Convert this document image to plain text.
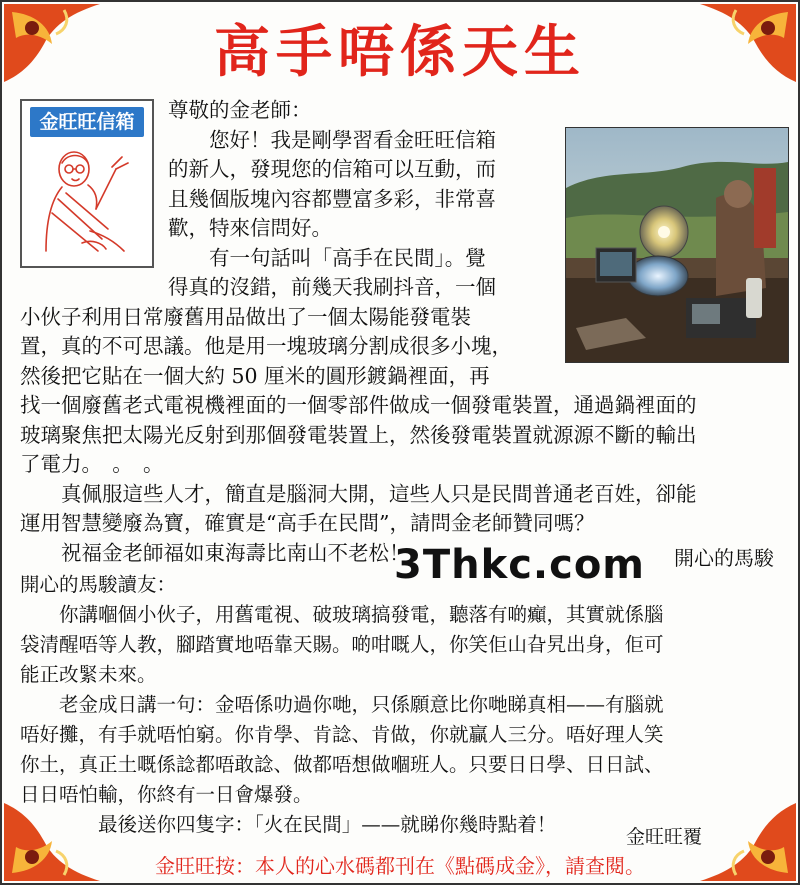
高手唔係天生
金旺旺信箱	尊敬的金老師：
　　您好！我是剛學習看金旺旺信箱
的新人，發現您的信箱可以互動，而
且幾個版塊內容都豐富多彩，非常喜
歡，特來信問好。
　　有一句話叫「高手在民間」。覺
得真的沒錯，前幾天我刷抖音，一個
小伙子利用日常廢舊用品做出了一個太陽能發電裝
置，真的不可思議。他是用一塊玻璃分割成很多小塊，
然後把它貼在一個大約 50 厘米的圓形鍍鍋裡面，再
找一個廢舊老式電視機裡面的一個零部件做成一個發電裝置，通過鍋裡面的
玻璃聚焦把太陽光反射到那個發電裝置上，然後發電裝置就源源不斷的輸出
了電力。　。　。
　　真佩服這些人才，簡直是腦洞大開，這些人只是民間普通老百姓，卻能
運用智慧變廢為寶，確實是“高手在民間”，請問金老師贊同嗎？
　　祝福金老師福如東海壽比南山不老松！	開心的馬駿
3Thkc.com
開心的馬駿讀友：
　　你講嗰個小伙子，用舊電視、破玻璃搞發電，聽落有啲癲，其實就係腦
袋清醒唔等人教，腳踏實地唔靠天賜。啲咁嘅人，你笑佢山旮旯出身，佢可
能正改緊未來。
　　老金成日講一句：金唔係叻過你哋，只係願意比你哋睇真相——有腦就
唔好攤，有手就唔怕窮。你肯學、肯諗、肯做，你就贏人三分。唔好理人笑
你土，真正土嘅係諗都唔敢諗、做都唔想做嗰班人。只要日日學、日日試、
日日唔怕輸，你終有一日會爆發。
　　　　最後送你四隻字：「火在民間」——就睇你幾時點着！
金旺旺覆
金旺旺按：本人的心水碼都刊在《點碼成金》，請查閱。
